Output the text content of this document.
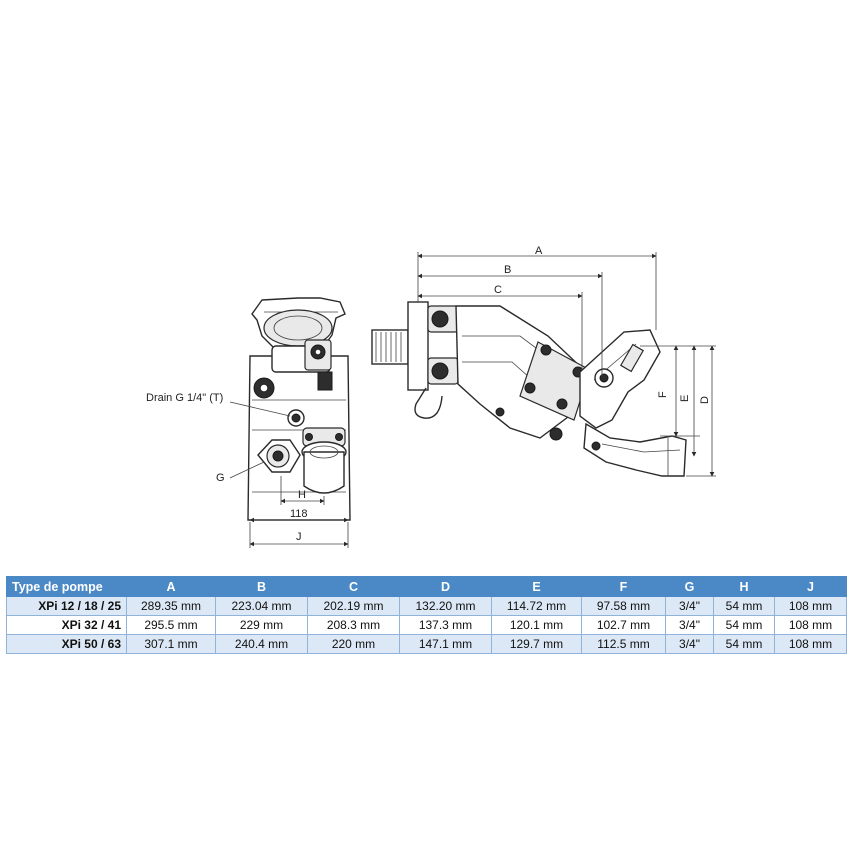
Drain G 1/4" (T)
G
H
118
J
A
B
C
F
E D
Type de pompe	A	B	C	D	E	F	G	H	J
XPi 12 / 18 / 25	289.35 mm	223.04 mm	202.19 mm	132.20 mm	114.72 mm	97.58 mm	3/4"	54 mm	108 mm
XPi 32 / 41	295.5 mm	229 mm	208.3 mm	137.3 mm	120.1 mm	102.7 mm	3/4"	54 mm	108 mm
XPi 50 / 63	307.1 mm	240.4 mm	220 mm	147.1 mm	129.7 mm	112.5 mm	3/4"	54 mm	108 mm
